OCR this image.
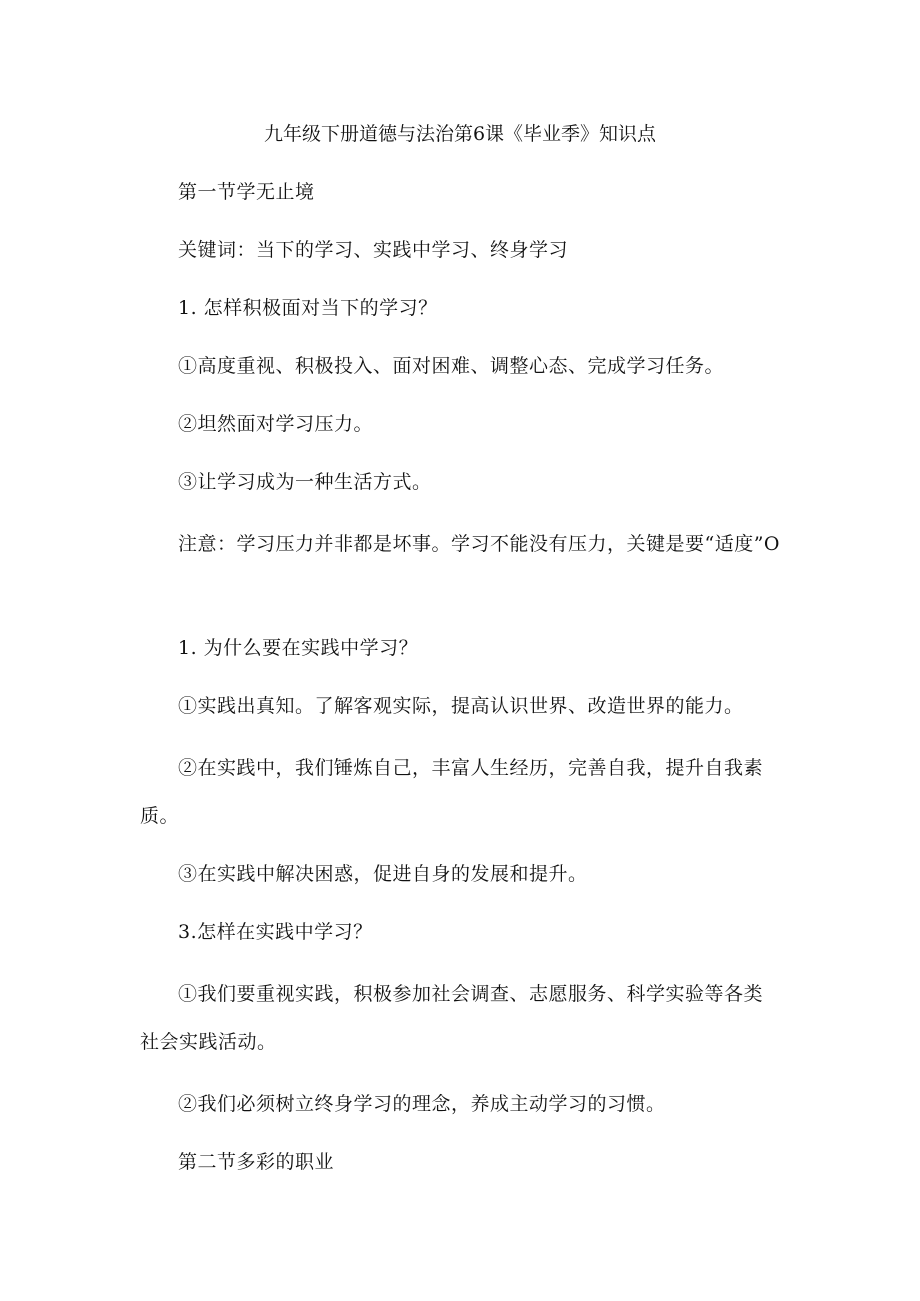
九年级下册道德与法治第6课《毕业季》知识点

第一节学无止境

关键词：当下的学习、实践中学习、终身学习

1. 怎样积极面对当下的学习？

①高度重视、积极投入、面对困难、调整心态、完成学习任务。

②坦然面对学习压力。

③让学习成为一种生活方式。

注意：学习压力并非都是坏事。学习不能没有压力，关键是要“适度”O

1. 为什么要在实践中学习？

①实践出真知。了解客观实际，提高认识世界、改造世界的能力。

②在实践中，我们锤炼自己，丰富人生经历，完善自我，提升自我素质。

③在实践中解决困惑，促进自身的发展和提升。

3.怎样在实践中学习？

①我们要重视实践，积极参加社会调查、志愿服务、科学实验等各类社会实践活动。

②我们必须树立终身学习的理念，养成主动学习的习惯。

第二节多彩的职业
